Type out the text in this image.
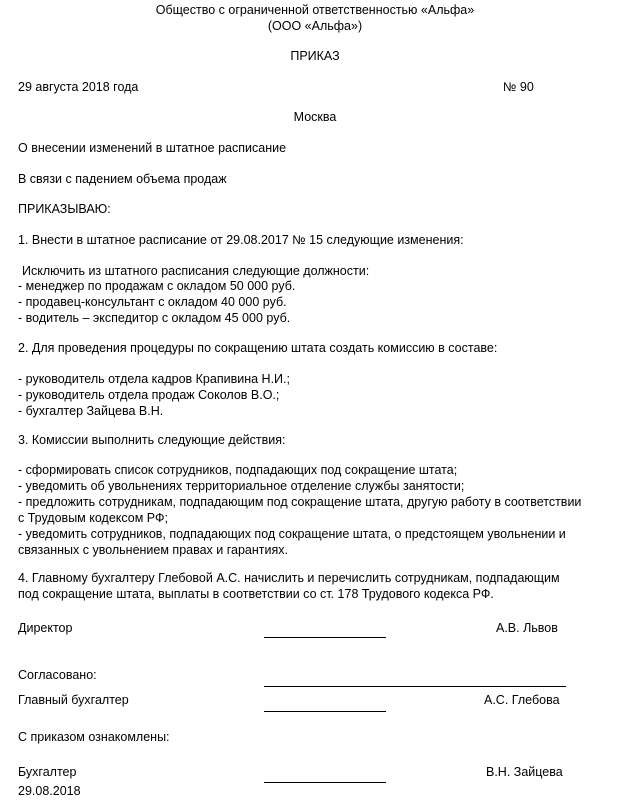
Общество с ограниченной ответственностью «Альфа»
(ООО «Альфа»)
ПРИКАЗ
29 августа 2018 года	№ 90
Москва
О внесении изменений в штатное расписание
В связи с падением объема продаж
ПРИКАЗЫВАЮ:
1. Внести в штатное расписание от 29.08.2017 № 15 следующие изменения:
Исключить из штатного расписания следующие должности:
- менеджер по продажам с окладом 50 000 руб.
- продавец-консультант с окладом 40 000 руб.
- водитель – экспедитор с окладом 45 000 руб.
2. Для проведения процедуры по сокращению штата создать комиссию в составе:
- руководитель отдела кадров Крапивина Н.И.;
- руководитель отдела продаж Соколов В.О.;
- бухгалтер Зайцева В.Н.
3. Комиссии выполнить следующие действия:
- сформировать список сотрудников, подпадающих под сокращение штата;
- уведомить об увольнениях территориальное отделение службы занятости;
- предложить сотрудникам, подпадающим под сокращение штата, другую работу в соответствии
с Трудовым кодексом РФ;
- уведомить сотрудников, подпадающих под сокращение штата, о предстоящем увольнении и
связанных с увольнением правах и гарантиях.
4. Главному бухгалтеру Глебовой А.С. начислить и перечислить сотрудникам, подпадающим
под сокращение штата, выплаты в соответствии со ст. 178 Трудового кодекса РФ.
Директор	А.В. Львов
Согласовано:
Главный бухгалтер	А.С. Глебова
С приказом ознакомлены:
Бухгалтер	В.Н. Зайцева
29.08.2018
